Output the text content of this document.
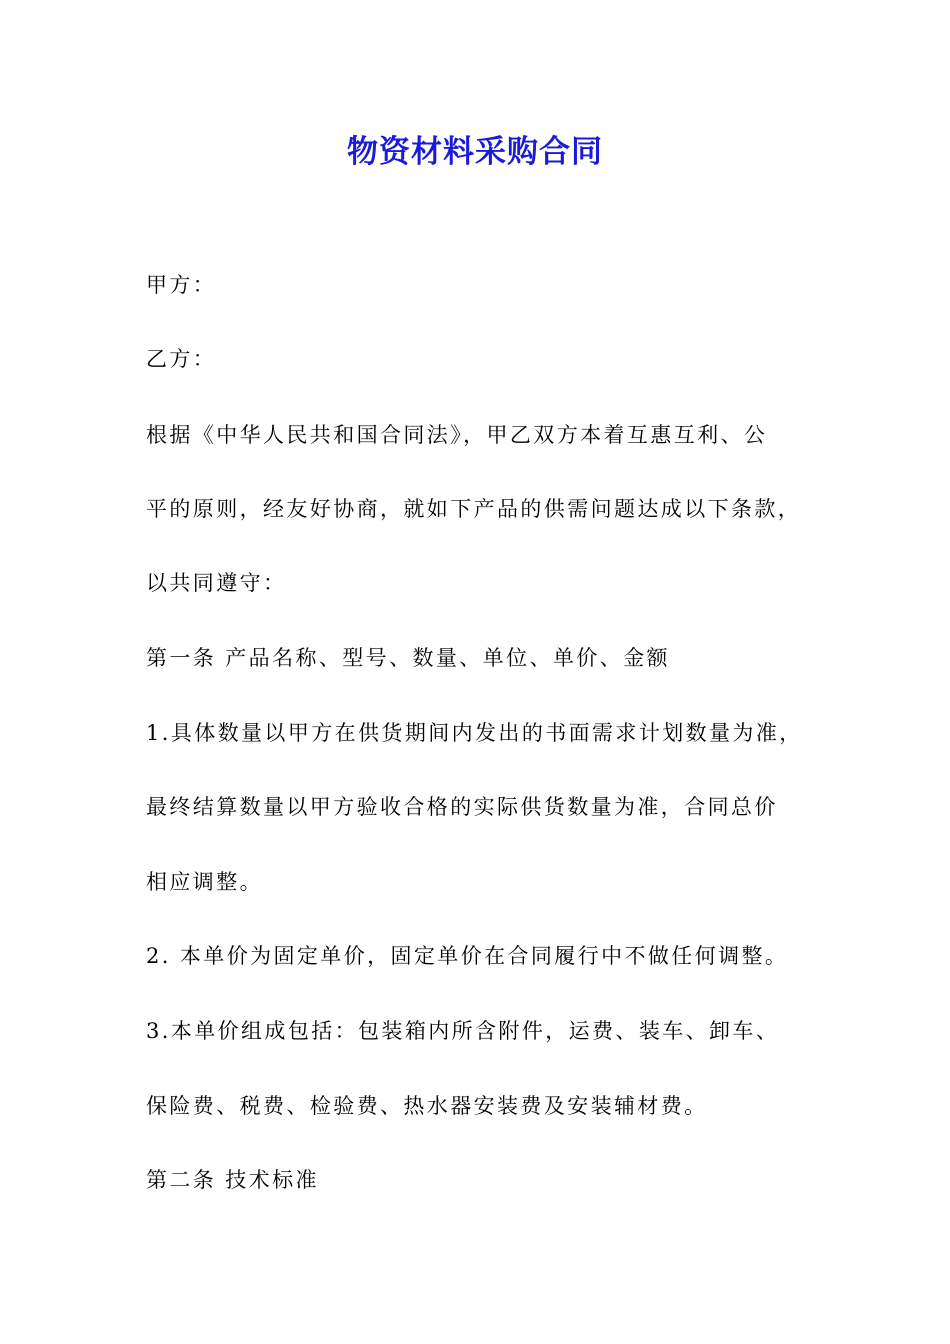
物资材料采购合同
甲方：
乙方：
根据《中华人民共和国合同法》，甲乙双方本着互惠互利、公
平的原则，经友好协商，就如下产品的供需问题达成以下条款，
以共同遵守：
第一条 产品名称、型号、数量、单位、单价、金额
1.具体数量以甲方在供货期间内发出的书面需求计划数量为准，
最终结算数量以甲方验收合格的实际供货数量为准，合同总价
相应调整。
2. 本单价为固定单价，固定单价在合同履行中不做任何调整。
3.本单价组成包括：包装箱内所含附件，运费、装车、卸车、
保险费、税费、检验费、热水器安装费及安装辅材费。
第二条 技术标准
